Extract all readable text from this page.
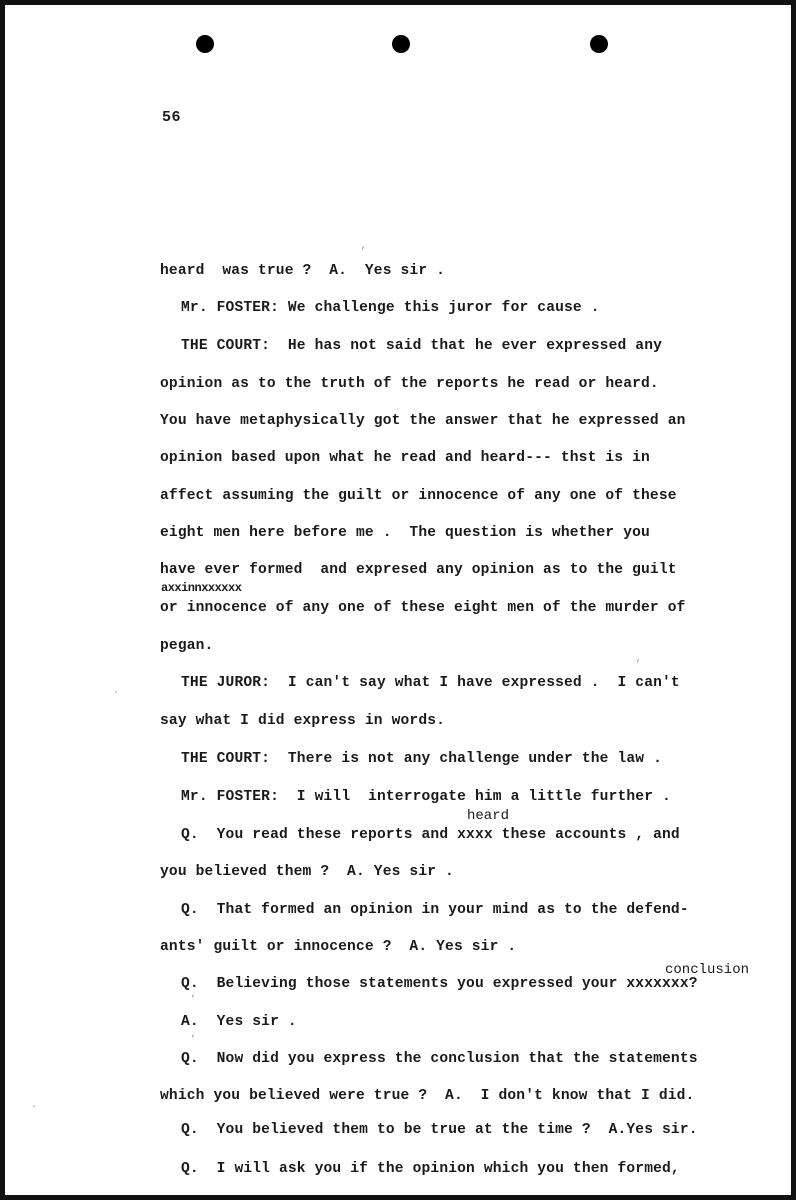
56
heard  was true ?  A.  Yes sir .
Mr. FOSTER: We challenge this juror for cause .
THE COURT:  He has not said that he ever expressed any
opinion as to the truth of the reports he read or heard.
You have metaphysically got the answer that he expressed an
opinion based upon what he read and heard--- thst is in
affect assuming the guilt or innocence of any one of these
eight men here before me .  The question is whether you
have ever formed  and expresed any opinion as to the guilt
axxinnxxxxxx
or innocence of any one of these eight men of the murder of
pegan.
THE JUROR:  I can't say what I have expressed .  I can't
say what I did express in words.
THE COURT:  There is not any challenge under the law .
Mr. FOSTER:  I will  interrogate him a little further .
heard
Q.  You read these reports and xxxx these accounts , and
you believed them ?  A. Yes sir .
Q.  That formed an opinion in your mind as to the defend-
ants' guilt or innocence ?  A. Yes sir .
conclusion
Q.  Believing those statements you expressed your xxxxxxx?
A.  Yes sir .
Q.  Now did you express the conclusion that the statements
which you believed were true ?  A.  I don't know that I did.
Q.  You believed them to be true at the time ?  A.Yes sir.
Q.  I will ask you if the opinion which you then formed,
’
’
’
’
·
·
